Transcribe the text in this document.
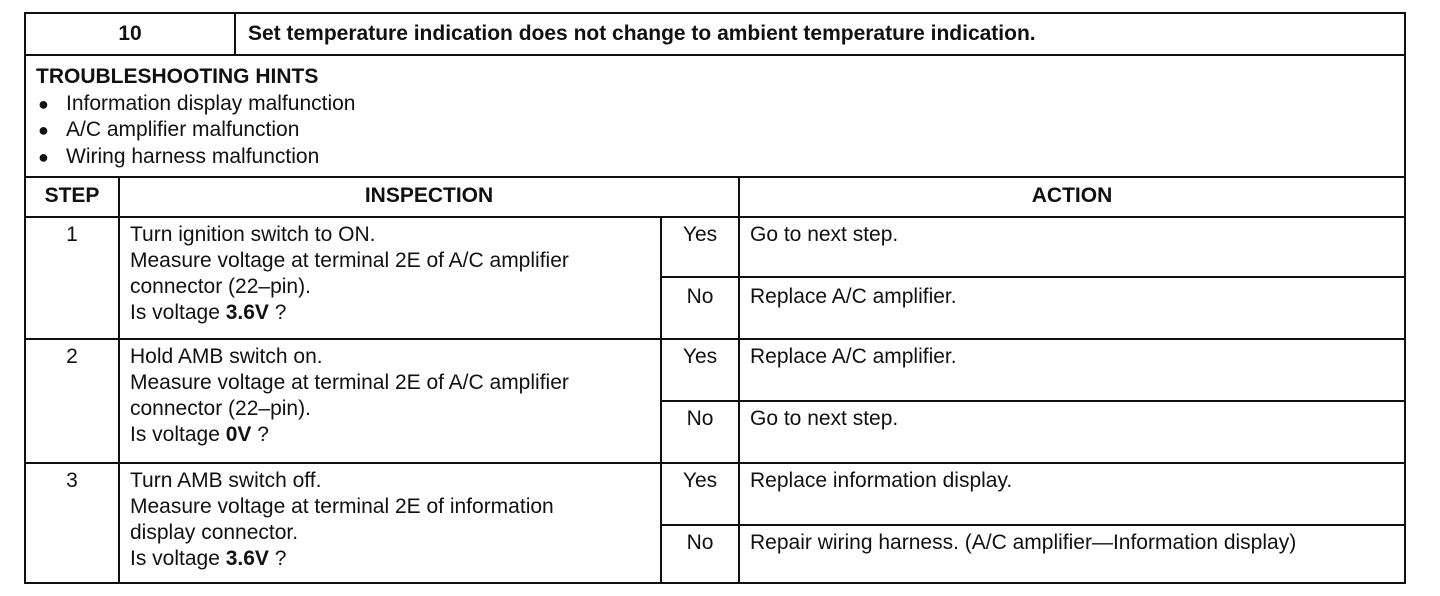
10	Set temperature indication does not change to ambient temperature indication.
TROUBLESHOOTING HINTS
● Information display malfunction
● A/C amplifier malfunction
● Wiring harness malfunction
STEP	INSPECTION	ACTION
1	Turn ignition switch to ON.
Measure voltage at terminal 2E of A/C amplifier
connector (22–pin).
Is voltage 3.6V ?
Yes	Go to next step.
No	Replace A/C amplifier.
2	Hold AMB switch on.
Measure voltage at terminal 2E of A/C amplifier
connector (22–pin).
Is voltage 0V ?
Yes	Replace A/C amplifier.
No	Go to next step.
3	Turn AMB switch off.
Measure voltage at terminal 2E of information
display connector.
Is voltage 3.6V ?
Yes	Replace information display.
No	Repair wiring harness. (A/C amplifier—Information display)
